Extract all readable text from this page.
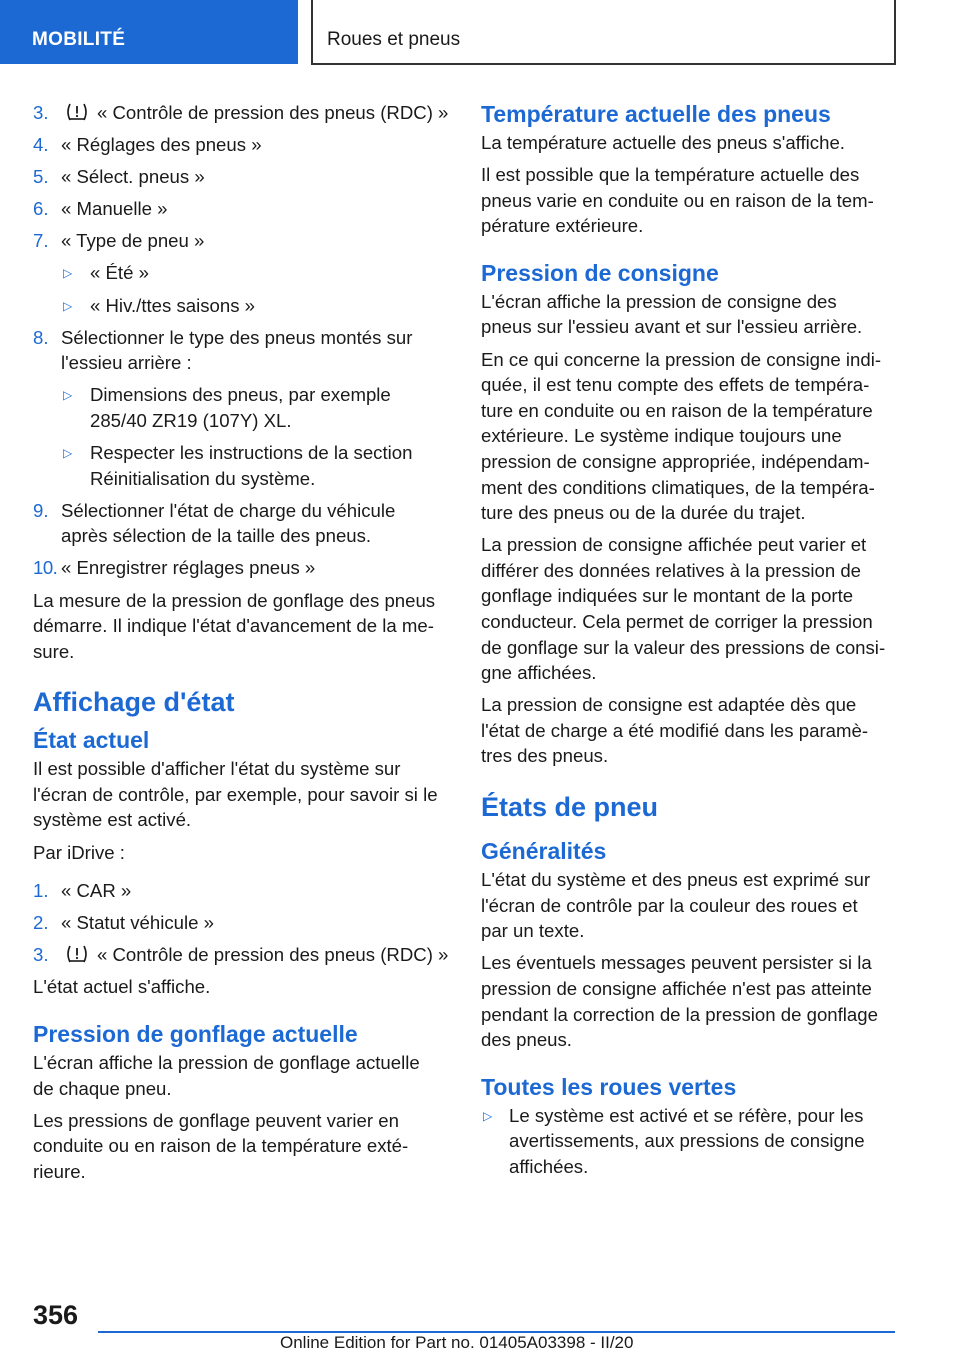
MOBILITÉ	Roues et pneus
3.	« Contrôle de pression des pneus (RDC) »
4. « Réglages des pneus »
5. « Sélect. pneus »
6. « Manuelle »
7. « Type de pneu »
▷ « Été »
▷ « Hiv./ttes saisons »
8. Sélectionner le type des pneus montés sur
l'essieu arrière :
▷ Dimensions des pneus, par exemple
285/40 ZR19 (107Y) XL.
▷ Respecter les instructions de la section
Réinitialisation du système.
9. Sélectionner l'état de charge du véhicule
après sélection de la taille des pneus.
10. « Enregistrer réglages pneus »
La mesure de la pression de gonflage des pneus
démarre. Il indique l'état d'avancement de la me-
sure.
Affichage d'état
État actuel
Il est possible d'afficher l'état du système sur
l'écran de contrôle, par exemple, pour savoir si le
système est activé.
Par iDrive :
1. « CAR »
2. « Statut véhicule »
3.	« Contrôle de pression des pneus (RDC) »
L'état actuel s'affiche.
Pression de gonflage actuelle
L'écran affiche la pression de gonflage actuelle
de chaque pneu.
Les pressions de gonflage peuvent varier en
conduite ou en raison de la température exté-
rieure.
Température actuelle des pneus
La température actuelle des pneus s'affiche.
Il est possible que la température actuelle des
pneus varie en conduite ou en raison de la tem-
pérature extérieure.
Pression de consigne
L'écran affiche la pression de consigne des
pneus sur l'essieu avant et sur l'essieu arrière.
En ce qui concerne la pression de consigne indi-
quée, il est tenu compte des effets de tempéra-
ture en conduite ou en raison de la température
extérieure. Le système indique toujours une
pression de consigne appropriée, indépendam-
ment des conditions climatiques, de la tempéra-
ture des pneus ou de la durée du trajet.
La pression de consigne affichée peut varier et
différer des données relatives à la pression de
gonflage indiquées sur le montant de la porte
conducteur. Cela permet de corriger la pression
de gonflage sur la valeur des pressions de consi-
gne affichées.
La pression de consigne est adaptée dès que
l'état de charge a été modifié dans les paramè-
tres des pneus.
États de pneu
Généralités
L'état du système et des pneus est exprimé sur
l'écran de contrôle par la couleur des roues et
par un texte.
Les éventuels messages peuvent persister si la
pression de consigne affichée n'est pas atteinte
pendant la correction de la pression de gonflage
des pneus.
Toutes les roues vertes
▷ Le système est activé et se réfère, pour les
avertissements, aux pressions de consigne
affichées.
356
Online Edition for Part no. 01405A03398 - II/20
